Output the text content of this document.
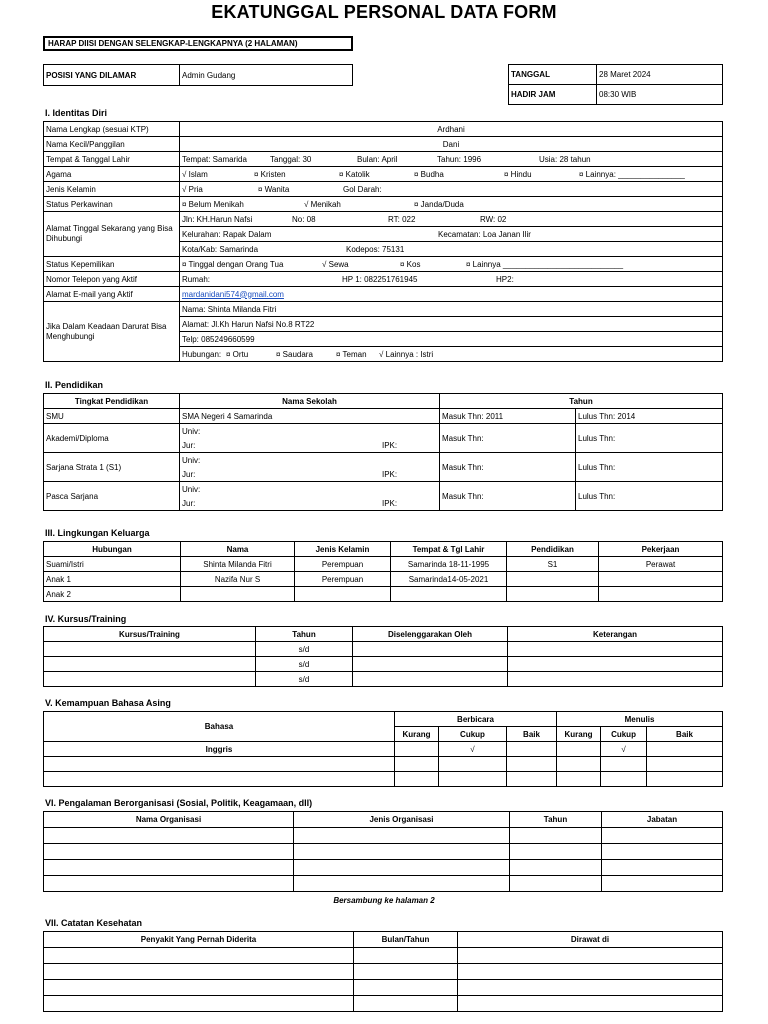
EKATUNGGAL PERSONAL DATA FORM
HARAP DIISI DENGAN SELENGKAP-LENGKAPNYA (2 HALAMAN)
POSISI YANG DILAMAR	Admin Gudang	TANGGAL	28 Maret 2024
HADIR JAM	08:30 WIB
I. Identitas Diri
Nama Lengkap (sesuai KTP)	Ardhani
Nama Kecil/Panggilan	Dani
Tempat & Tanggal Lahir	Tempat: Samarida Tanggal: 30 Bulan: April Tahun: 1996 Usia: 28 tahun
Agama	√ Islam ¤ Kristen ¤ Katolik ¤ Budha ¤ Hindu ¤ Lainnya: _______________
Jenis Kelamin	√ Pria ¤ Wanita Gol Darah:
Status Perkawinan	¤ Belum Menikah √ Menikah ¤ Janda/Duda
Alamat Tinggal Sekarang yang Bisa Dihubungi	Jln: KH.Harun Nafsi No: 08 RT: 022 RW: 02
	Kelurahan: Rapak Dalam Kecamatan: Loa Janan Ilir
	Kota/Kab: Samarinda Kodepos: 75131
Status Kepemilikan	¤ Tinggal dengan Orang Tua √ Sewa ¤ Kos ¤ Lainnya ___________________________
Nomor Telepon yang Aktif	Rumah: HP 1: 082251761945 HP2:
Alamat E-mail yang Aktif	mardanidani574@gmail.com
Jika Dalam Keadaan Darurat Bisa Menghubungi	Nama: Shinta Milanda Fitri
	Alamat: Jl.Kh Harun Nafsi No.8 RT22
	Telp: 085249660599
	Hubungan: ¤ Ortu ¤ Saudara ¤ Teman √ Lainnya : Istri
II. Pendidikan
Tingkat Pendidikan	Nama Sekolah	Tahun	
SMU	SMA Negeri 4 Samarinda	Masuk Thn: 2011	Lulus Thn: 2014
Akademi/Diploma	Univ:	Masuk Thn:	Lulus Thn:
	Jur: IPK:		
Sarjana Strata 1 (S1)	Univ:	Masuk Thn:	Lulus Thn:
	Jur: IPK:		
Pasca Sarjana	Univ:	Masuk Thn:	Lulus Thn:
	Jur: IPK:		
III. Lingkungan Keluarga
Hubungan	Nama	Jenis Kelamin	Tempat & Tgl Lahir	Pendidikan	Pekerjaan
Suami/Istri	Shinta Milanda Fitri	Perempuan	Samarinda 18-11-1995	S1	Perawat
Anak 1	Nazifa Nur S	Perempuan	Samarinda14-05-2021		
Anak 2					
IV. Kursus/Training
Kursus/Training	Tahun	Diselenggarakan Oleh	Keterangan
	s/d		
	s/d		
	s/d		
V. Kemampuan Bahasa Asing
Bahasa	Berbicara			Menulis		
	Kurang	Cukup	Baik	Kurang	Cukup	Baik
Inggris		√			√	

VI. Pengalaman Berorganisasi (Sosial, Politik, Keagamaan, dll)
Nama Organisasi	Jenis Organisasi	Tahun	Jabatan

Bersambung ke halaman 2
VII. Catatan Kesehatan
Penyakit Yang Pernah Diderita	Bulan/Tahun	Dirawat di
